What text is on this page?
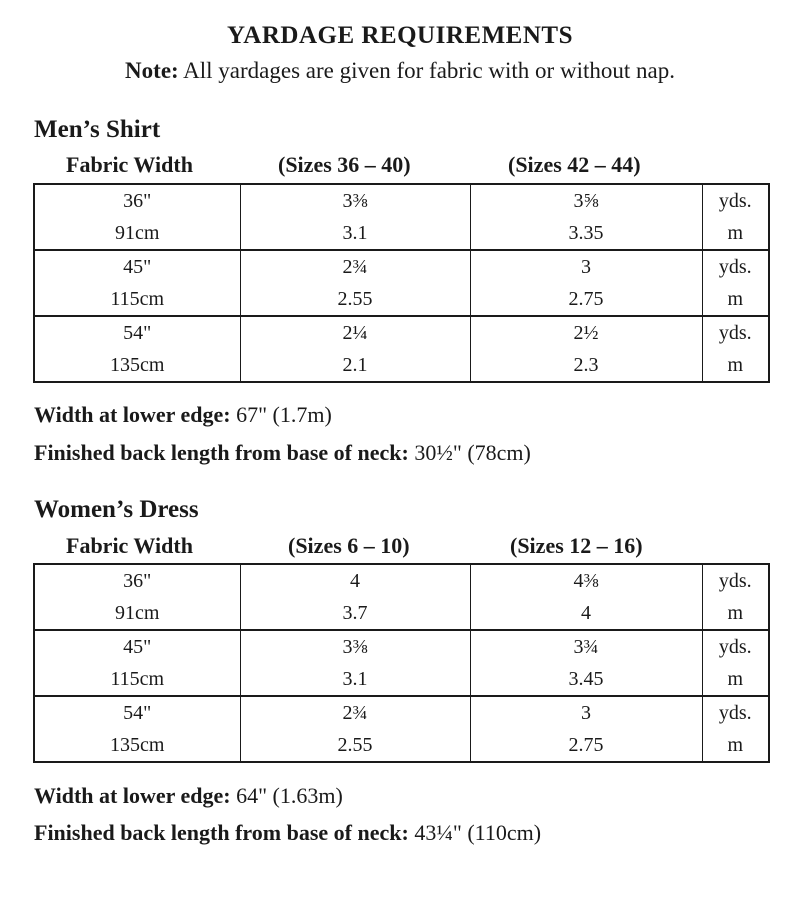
YARDAGE REQUIREMENTS
Note: All yardages are given for fabric with or without nap.
Men’s Shirt
Fabric Width	(Sizes 36 – 40)	(Sizes 42 – 44)
36"	3⅜	3⅝	yds.
91cm	3.1	3.35	m
45"	2¾	3	yds.
115cm	2.55	2.75	m
54"	2¼	2½	yds.
135cm	2.1	2.3	m
Width at lower edge: 67" (1.7m)
Finished back length from base of neck: 30½" (78cm)
Women’s Dress
Fabric Width	(Sizes 6 – 10)	(Sizes 12 – 16)
36"	4	4⅜	yds.
91cm	3.7	4	m
45"	3⅜	3¾	yds.
115cm	3.1	3.45	m
54"	2¾	3	yds.
135cm	2.55	2.75	m
Width at lower edge: 64" (1.63m)
Finished back length from base of neck: 43¼" (110cm)
